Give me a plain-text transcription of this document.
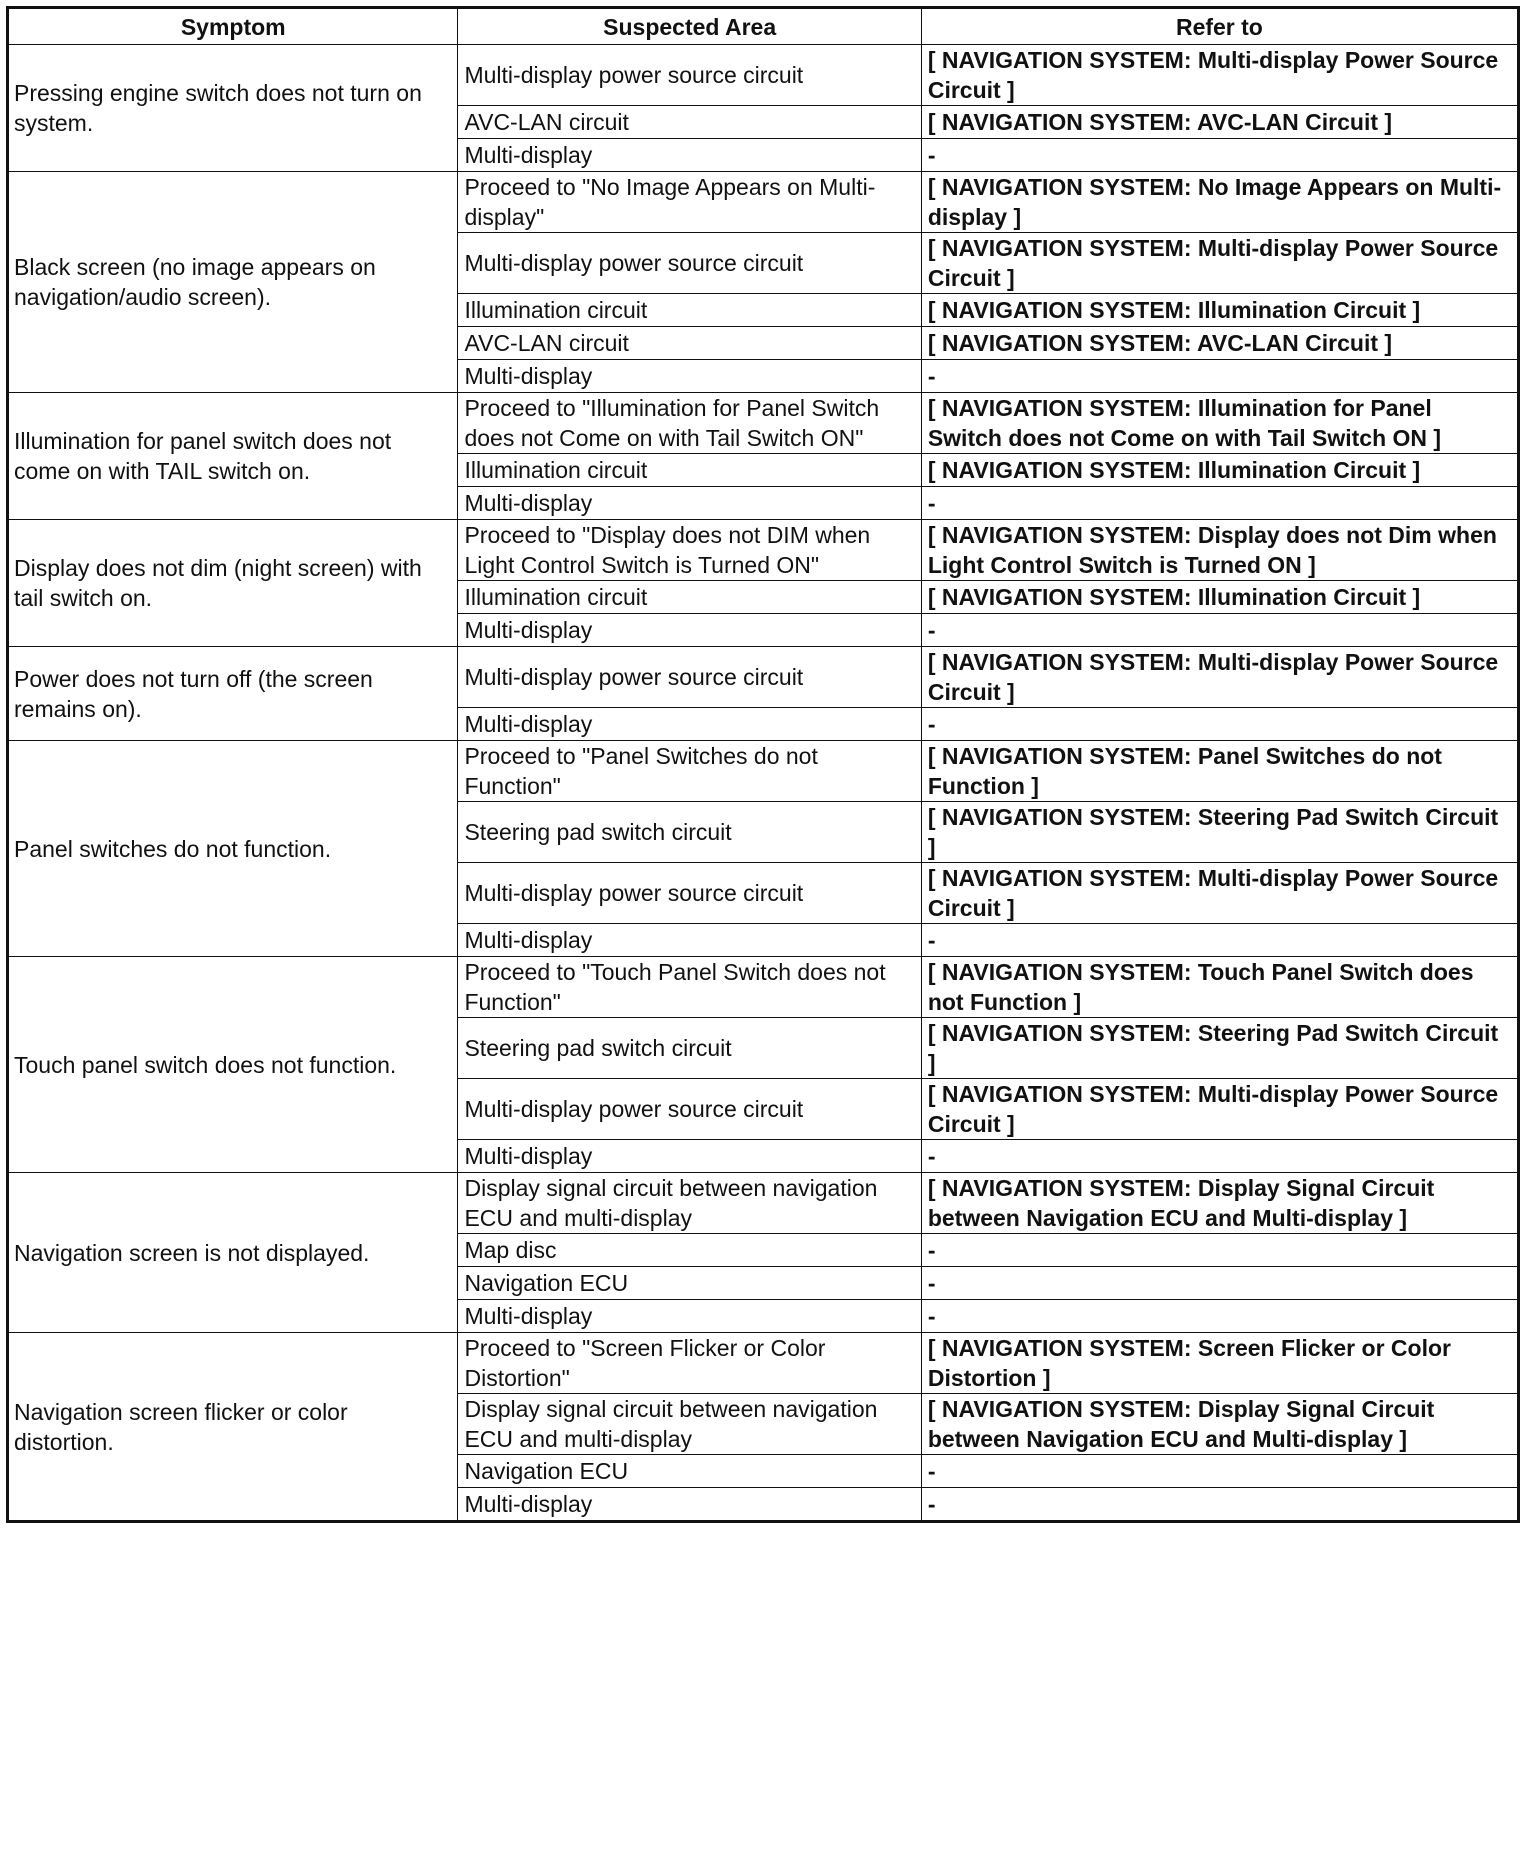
Symptom	Suspected Area	Refer to
Pressing engine switch does not turn on system.	Multi-display power source circuit	[ NAVIGATION SYSTEM: Multi-display Power Source Circuit ]
	AVC-LAN circuit	[ NAVIGATION SYSTEM: AVC-LAN Circuit ]
	Multi-display	-
Black screen (no image appears on navigation/audio screen).	Proceed to "No Image Appears on Multi-display"	[ NAVIGATION SYSTEM: No Image Appears on Multi-display ]
	Multi-display power source circuit	[ NAVIGATION SYSTEM: Multi-display Power Source Circuit ]
	Illumination circuit	[ NAVIGATION SYSTEM: Illumination Circuit ]
	AVC-LAN circuit	[ NAVIGATION SYSTEM: AVC-LAN Circuit ]
	Multi-display	-
Illumination for panel switch does not come on with TAIL switch on.	Proceed to "Illumination for Panel Switch does not Come on with Tail Switch ON"	[ NAVIGATION SYSTEM: Illumination for Panel Switch does not Come on with Tail Switch ON ]
	Illumination circuit	[ NAVIGATION SYSTEM: Illumination Circuit ]
	Multi-display	-
Display does not dim (night screen) with tail switch on.	Proceed to "Display does not DIM when Light Control Switch is Turned ON"	[ NAVIGATION SYSTEM: Display does not Dim when Light Control Switch is Turned ON ]
	Illumination circuit	[ NAVIGATION SYSTEM: Illumination Circuit ]
	Multi-display	-
Power does not turn off (the screen remains on).	Multi-display power source circuit	[ NAVIGATION SYSTEM: Multi-display Power Source Circuit ]
	Multi-display	-
Panel switches do not function.	Proceed to "Panel Switches do not Function"	[ NAVIGATION SYSTEM: Panel Switches do not Function ]
	Steering pad switch circuit	[ NAVIGATION SYSTEM: Steering Pad Switch Circuit ]
	Multi-display power source circuit	[ NAVIGATION SYSTEM: Multi-display Power Source Circuit ]
	Multi-display	-
Touch panel switch does not function.	Proceed to "Touch Panel Switch does not Function"	[ NAVIGATION SYSTEM: Touch Panel Switch does not Function ]
	Steering pad switch circuit	[ NAVIGATION SYSTEM: Steering Pad Switch Circuit ]
	Multi-display power source circuit	[ NAVIGATION SYSTEM: Multi-display Power Source Circuit ]
	Multi-display	-
Navigation screen is not displayed.	Display signal circuit between navigation ECU and multi-display	[ NAVIGATION SYSTEM: Display Signal Circuit between Navigation ECU and Multi-display ]
	Map disc	-
	Navigation ECU	-
	Multi-display	-
Navigation screen flicker or color distortion.	Proceed to "Screen Flicker or Color Distortion"	[ NAVIGATION SYSTEM: Screen Flicker or Color Distortion ]
	Display signal circuit between navigation ECU and multi-display	[ NAVIGATION SYSTEM: Display Signal Circuit between Navigation ECU and Multi-display ]
	Navigation ECU	-
	Multi-display	-
